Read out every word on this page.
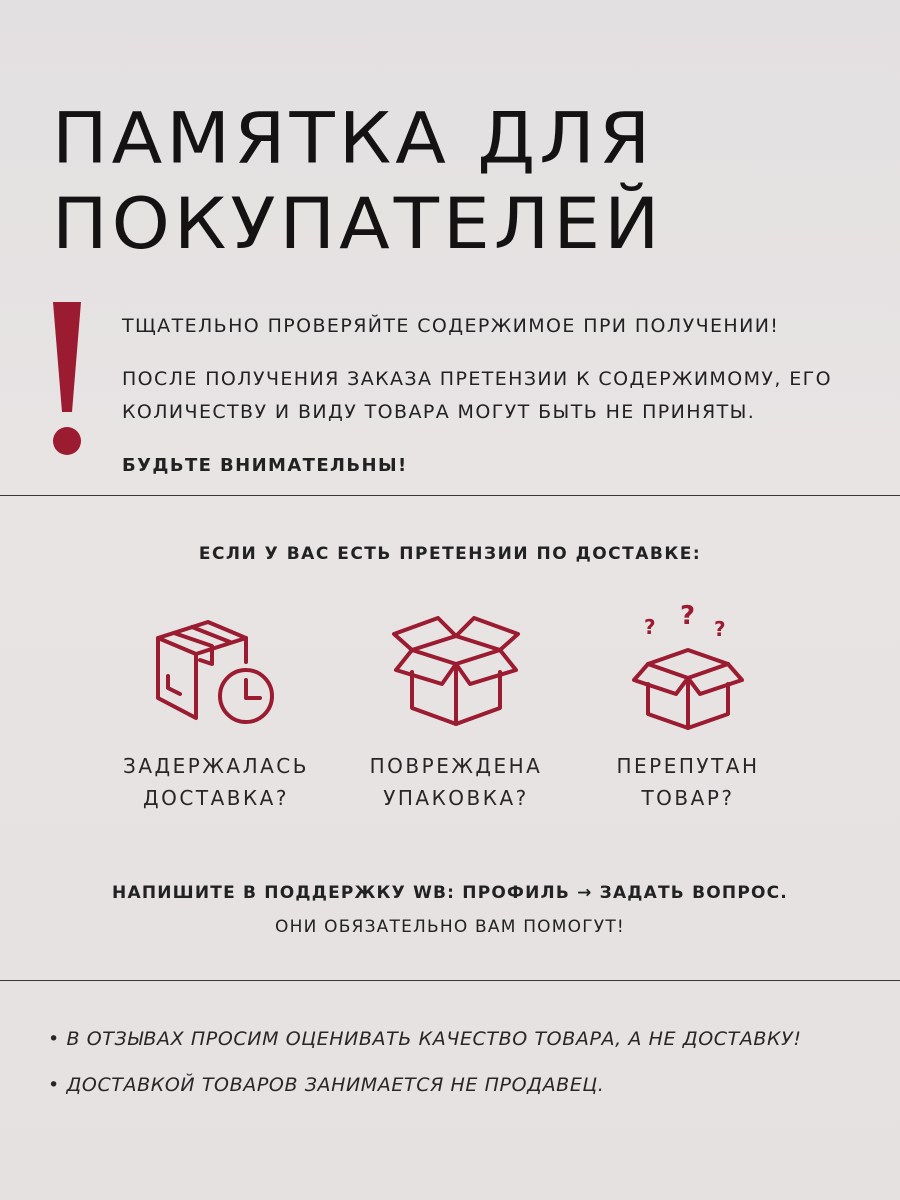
ПАМЯТКА ДЛЯ
ПОКУПАТЕЛЕЙ

ТЩАТЕЛЬНО ПРОВЕРЯЙТЕ СОДЕРЖИМОЕ ПРИ ПОЛУЧЕНИИ!

ПОСЛЕ ПОЛУЧЕНИЯ ЗАКАЗА ПРЕТЕНЗИИ К СОДЕРЖИМОМУ, ЕГО КОЛИЧЕСТВУ И ВИДУ ТОВАРА МОГУТ БЫТЬ НЕ ПРИНЯТЫ.

БУДЬТЕ ВНИМАТЕЛЬНЫ!

ЕСЛИ У ВАС ЕСТЬ ПРЕТЕНЗИИ ПО ДОСТАВКЕ:
ЗАДЕРЖАЛАСЬ
ДОСТАВКА?
ПОВРЕЖДЕНА
УПАКОВКА?
? ? ?
ПЕРЕПУТАН
ТОВАР?

НАПИШИТЕ В ПОДДЕРЖКУ WB: ПРОФИЛЬ → ЗАДАТЬ ВОПРОС.

ОНИ ОБЯЗАТЕЛЬНО ВАМ ПОМОГУТ!

• В ОТЗЫВАХ ПРОСИМ ОЦЕНИВАТЬ КАЧЕСТВО ТОВАРА, А НЕ ДОСТАВКУ!

• ДОСТАВКОЙ ТОВАРОВ ЗАНИМАЕТСЯ НЕ ПРОДАВЕЦ.
